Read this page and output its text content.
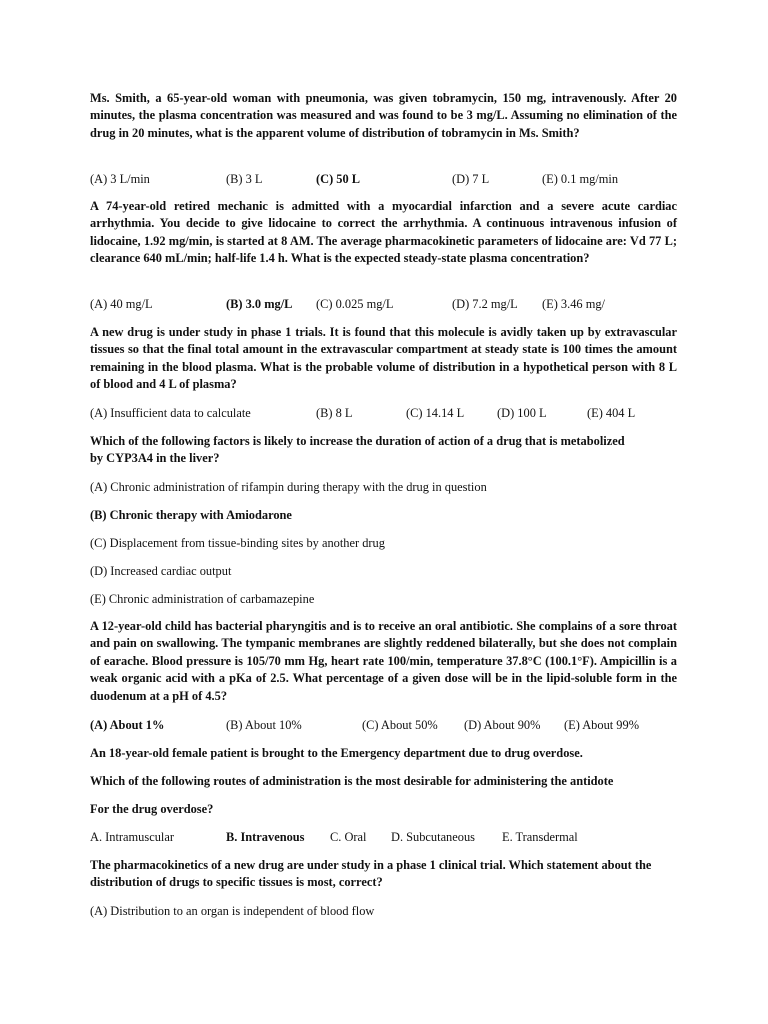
Ms. Smith, a 65-year-old woman with pneumonia, was given tobramycin, 150 mg, intravenously. After 20 minutes, the plasma concentration was measured and was found to be 3 mg/L. Assuming no elimination of the drug in 20 minutes, what is the apparent volume of distribution of tobramycin in Ms. Smith?

(A) 3 L/min	(B) 3 L	(C) 50 L	(D) 7 L	(E) 0.1 mg/min

A 74-year-old retired mechanic is admitted with a myocardial infarction and a severe acute cardiac arrhythmia. You decide to give lidocaine to correct the arrhythmia. A continuous intravenous infusion of lidocaine, 1.92 mg/min, is started at 8 AM. The average pharmacokinetic parameters of lidocaine are: Vd 77 L; clearance 640 mL/min; half-life 1.4 h. What is the expected steady-state plasma concentration?

(A) 40 mg/L	(B) 3.0 mg/L (C) 0.025 mg/L	(D) 7.2 mg/L (E) 3.46 mg/

A new drug is under study in phase 1 trials. It is found that this molecule is avidly taken up by extravascular tissues so that the final total amount in the extravascular compartment at steady state is 100 times the amount remaining in the blood plasma. What is the probable volume of distribution in a hypothetical person with 8 L of blood and 4 L of plasma?

(A) Insufficient data to calculate	(B) 8 L	(C) 14.14 L	(D) 100 L	(E) 404 L

Which of the following factors is likely to increase the duration of action of a drug that is metabolized by CYP3A4 in the liver?

(A) Chronic administration of rifampin during therapy with the drug in question
(B) Chronic therapy with Amiodarone
(C) Displacement from tissue-binding sites by another drug
(D) Increased cardiac output
(E) Chronic administration of carbamazepine

A 12-year-old child has bacterial pharyngitis and is to receive an oral antibiotic. She complains of a sore throat and pain on swallowing. The tympanic membranes are slightly reddened bilaterally, but she does not complain of earache. Blood pressure is 105/70 mm Hg, heart rate 100/min, temperature 37.8°C (100.1°F). Ampicillin is a weak organic acid with a pKa of 2.5. What percentage of a given dose will be in the lipid-soluble form in the duodenum at a pH of 4.5?

(A) About 1%	(B) About 10%	(C) About 50% (D) About 90% (E) About 99%
An 18-year-old female patient is brought to the Emergency department due to drug overdose.
Which of the following routes of administration is the most desirable for administering the antidote
For the drug overdose?
A. Intramuscular	B. Intravenous C. Oral D. Subcutaneous E. Transdermal

The pharmacokinetics of a new drug are under study in a phase 1 clinical trial. Which statement about the distribution of drugs to specific tissues is most, correct?

(A) Distribution to an organ is independent of blood flow
